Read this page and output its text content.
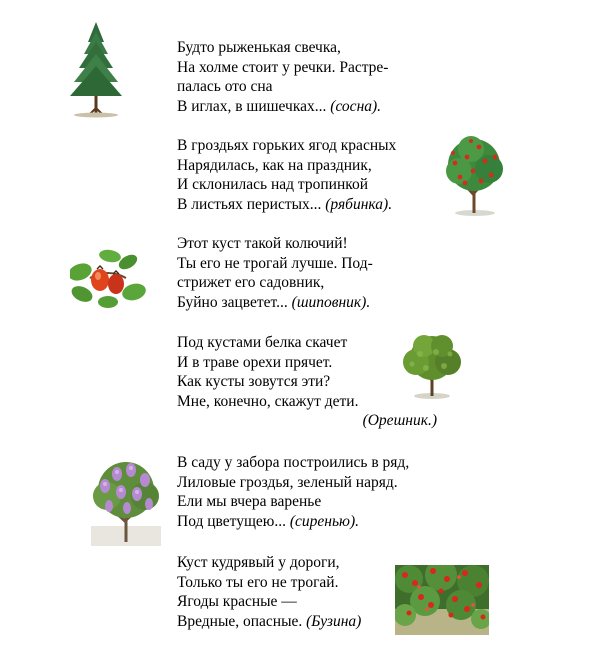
Будто рыженькая свечка,
На холме стоит у речки. Растре-
палась ото сна
В иглах, в шишечках... (сосна).
В гроздьях горьких ягод красных
Нарядилась, как на праздник,
И склонилась над тропинкой
В листьях перистых... (рябинка).
Этот куст такой колючий!
Ты его не трогай лучше. Под-
стрижет его садовник,
Буйно зацветет... (шиповник).
Под кустами белка скачет
И в траве орехи прячет.
Как кусты зовутся эти?
Мне, конечно, скажут дети.
(Орешник.)
В саду у забора построились в ряд,
Лиловые гроздья, зеленый наряд.
Ели мы вчера варенье
Под цветущею... (сиренью).
Куст кудрявый у дороги,
Только ты его не трогай.
Ягоды красные —
Вредные, опасные. (Бузина)
